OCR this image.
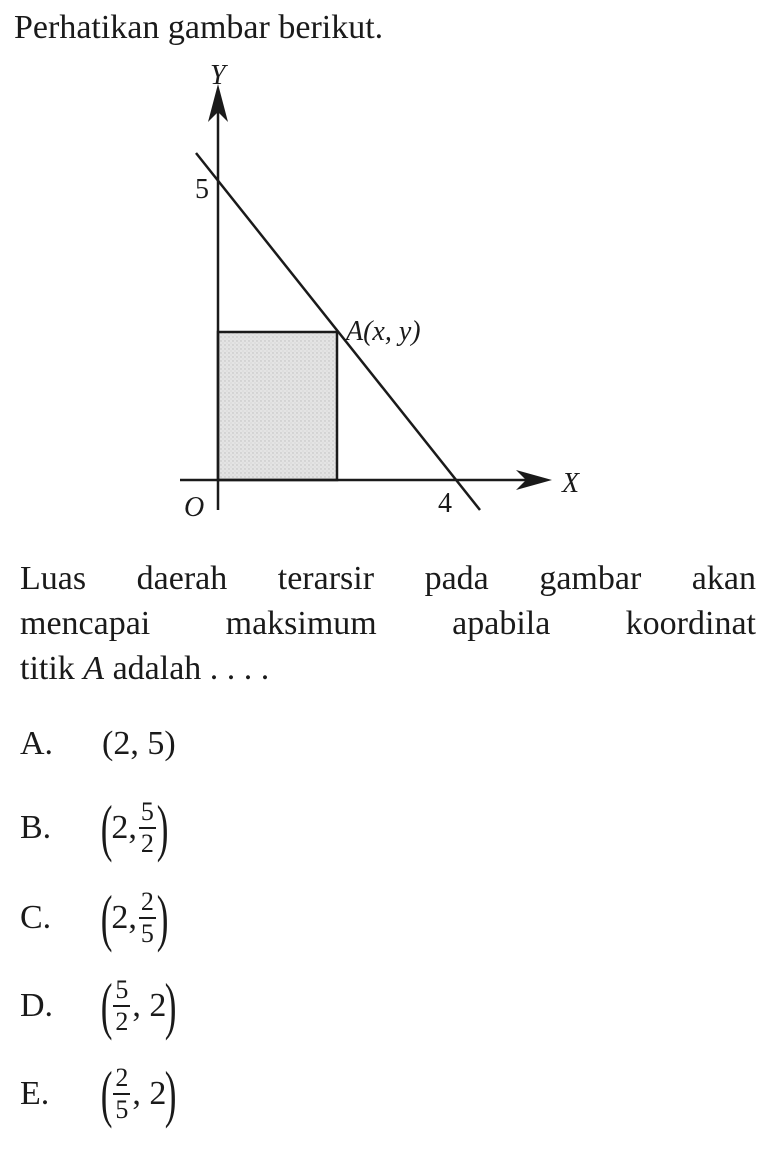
Perhatikan gambar berikut.
Y
X
O
5
4
A(x, y)
Luas daerah terarsir pada gambar akan
mencapai maksimum apabila koordinat
titik A adalah . . . .
A.	(2, 5)
B. (
2, $\frac{5}{2}$ )
C. (
2, $\frac{2}{5}$ )
D. ( $\frac{5}{2}$ , 2
)
E. ( $\frac{2}{5}$ , 2
)
